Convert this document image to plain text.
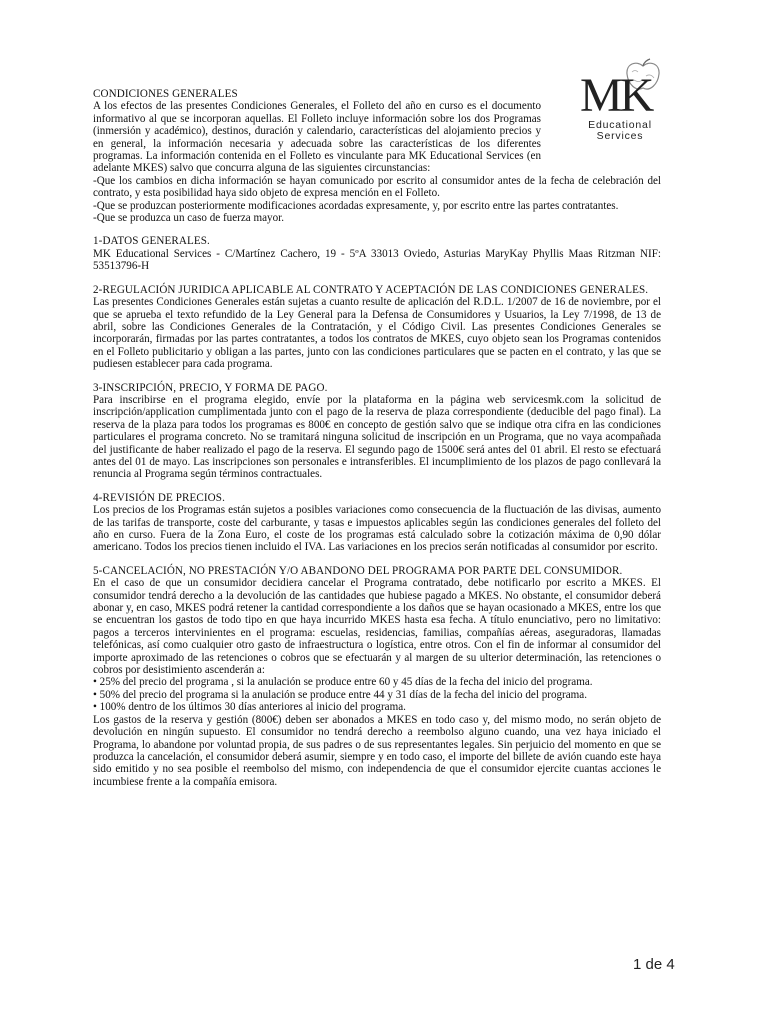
MK
Educational
Services

CONDICIONES GENERALES

A los efectos de las presentes Condiciones Generales, el Folleto del año en curso es el documento informativo al que se incorporan aquellas. El Folleto incluye información sobre los dos Programas (inmersión y académico), destinos, duración y calendario, características del alojamiento precios y en general, la información necesaria y adecuada sobre las características de los diferentes programas. La información contenida en el Folleto es vinculante para MK Educational Services (en adelante MKES) salvo que concurra alguna de las siguientes circunstancias:

-Que los cambios en dicha información se hayan comunicado por escrito al consumidor antes de la fecha de celebración del contrato, y esta posibilidad haya sido objeto de expresa mención en el Folleto.

-Que se produzcan posteriormente modificaciones acordadas expresamente, y, por escrito entre las partes contratantes.

-Que se produzca un caso de fuerza mayor.

1-DATOS GENERALES.

MK Educational Services - C/Martínez Cachero, 19 - 5ºA 33013 Oviedo, Asturias MaryKay Phyllis Maas Ritzman NIF: 53513796-H

2-REGULACIÓN JURIDICA APLICABLE AL CONTRATO Y ACEPTACIÓN DE LAS CONDICIONES GENERALES.

Las presentes Condiciones Generales están sujetas a cuanto resulte de aplicación del R.D.L. 1/2007 de 16 de noviembre, por el que se aprueba el texto refundido de la Ley General para la Defensa de Consumidores y Usuarios, la Ley 7/1998, de 13 de abril, sobre las Condiciones Generales de la Contratación, y el Código Civil. Las presentes Condiciones Generales se incorporarán, firmadas por las partes contratantes, a todos los contratos de MKES, cuyo objeto sean los Programas contenidos en el Folleto publicitario y obligan a las partes, junto con las condiciones particulares que se pacten en el contrato, y las que se pudiesen establecer para cada programa.

3-INSCRIPCIÓN, PRECIO, Y FORMA DE PAGO.

Para inscribirse en el programa elegido, envíe por la plataforma en la página web servicesmk.com la solicitud de inscripción/application cumplimentada junto con el pago de la reserva de plaza correspondiente (deducible del pago final). La reserva de la plaza para todos los programas es 800€ en concepto de gestión salvo que se indique otra cifra en las condiciones particulares el programa concreto. No se tramitará ninguna solicitud de inscripción en un Programa, que no vaya acompañada del justificante de haber realizado el pago de la reserva. El segundo pago de 1500€ será antes del 01 abril. El resto se efectuará antes del 01 de mayo. Las inscripciones son personales e intransferibles. El incumplimiento de los plazos de pago conllevará la renuncia al Programa según términos contractuales.

4-REVISIÓN DE PRECIOS.

Los precios de los Programas están sujetos a posibles variaciones como consecuencia de la fluctuación de las divisas, aumento de las tarifas de transporte, coste del carburante, y tasas e impuestos aplicables según las condiciones generales del folleto del año en curso. Fuera de la Zona Euro, el coste de los programas está calculado sobre la cotización máxima de 0,90 dólar americano. Todos los precios tienen incluido el IVA. Las variaciones en los precios serán notificadas al consumidor por escrito.

5-CANCELACIÓN, NO PRESTACIÓN Y/O ABANDONO DEL PROGRAMA POR PARTE DEL CONSUMIDOR.

En el caso de que un consumidor decidiera cancelar el Programa contratado, debe notificarlo por escrito a MKES. El consumidor tendrá derecho a la devolución de las cantidades que hubiese pagado a MKES. No obstante, el consumidor deberá abonar y, en caso, MKES podrá retener la cantidad correspondiente a los daños que se hayan ocasionado a MKES, entre los que se encuentran los gastos de todo tipo en que haya incurrido MKES hasta esa fecha. A título enunciativo, pero no limitativo: pagos a terceros intervinientes en el programa: escuelas, residencias, familias, compañías aéreas, aseguradoras, llamadas telefónicas, así como cualquier otro gasto de infraestructura o logística, entre otros. Con el fin de informar al consumidor del importe aproximado de las retenciones o cobros que se efectuarán y al margen de su ulterior determinación, las retenciones o cobros por desistimiento ascenderán a:

• 25% del precio del programa , si la anulación se produce entre 60 y 45 días de la fecha del inicio del programa.

• 50% del precio del programa si la anulación se produce entre 44 y 31 días de la fecha del inicio del programa.

• 100% dentro de los últimos 30 días anteriores al inicio del programa.

Los gastos de la reserva y gestión (800€) deben ser abonados a MKES en todo caso y, del mismo modo, no serán objeto de devolución en ningún supuesto. El consumidor no tendrá derecho a reembolso alguno cuando, una vez haya iniciado el Programa, lo abandone por voluntad propia, de sus padres o de sus representantes legales. Sin perjuicio del momento en que se produzca la cancelación, el consumidor deberá asumir, siempre y en todo caso, el importe del billete de avión cuando este haya sido emitido y no sea posible el reembolso del mismo, con independencia de que el consumidor ejercite cuantas acciones le incumbiese frente a la compañía emisora.

1 de 4
